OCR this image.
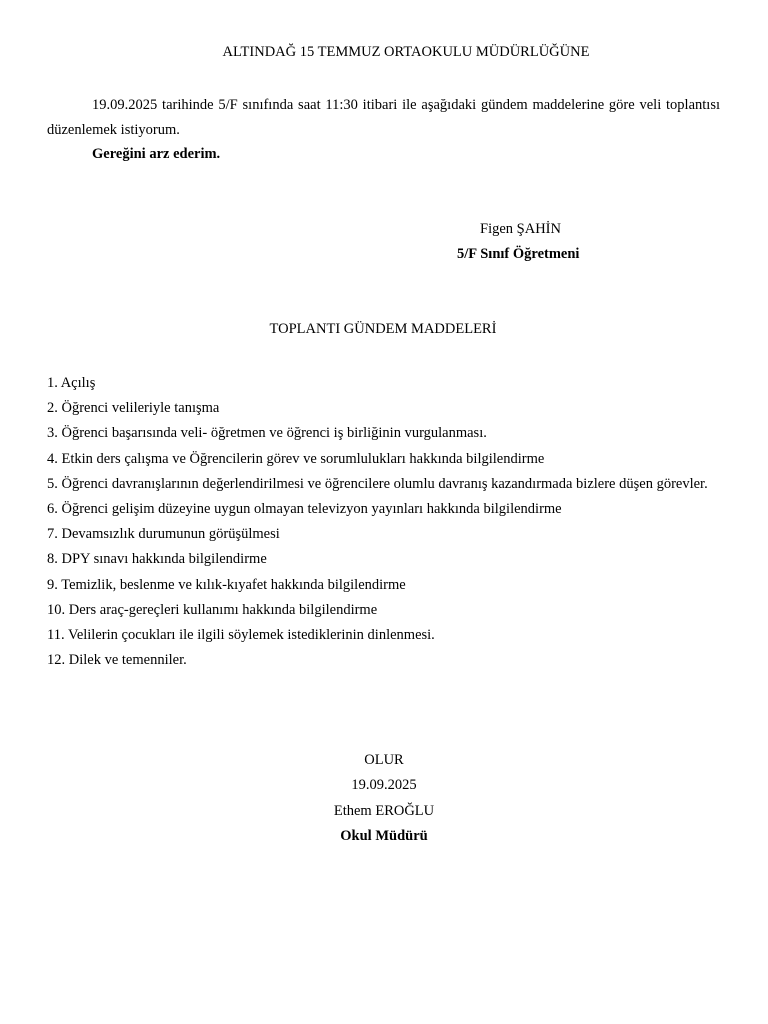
ALTINDAĞ 15 TEMMUZ ORTAOKULU MÜDÜRLÜĞÜNE
19.09.2025 tarihinde 5/F sınıfında saat 11:30 itibari ile aşağıdaki gündem maddelerine göre veli toplantısı düzenlemek istiyorum.
Gereğini arz ederim.
Figen ŞAHİN
5/F Sınıf Öğretmeni
TOPLANTI GÜNDEM MADDELERİ
1. Açılış
2. Öğrenci velileriyle tanışma
3. Öğrenci başarısında veli- öğretmen ve öğrenci iş birliğinin vurgulanması.
4. Etkin ders çalışma ve Öğrencilerin görev ve sorumlulukları hakkında bilgilendirme
5. Öğrenci davranışlarının değerlendirilmesi ve öğrencilere olumlu davranış kazandırmada bizlere düşen görevler.
6. Öğrenci gelişim düzeyine uygun olmayan televizyon yayınları hakkında bilgilendirme
7. Devamsızlık durumunun görüşülmesi
8. DPY sınavı hakkında bilgilendirme
9. Temizlik, beslenme ve kılık-kıyafet hakkında bilgilendirme
10. Ders araç-gereçleri kullanımı hakkında bilgilendirme
11. Velilerin çocukları ile ilgili söylemek istediklerinin dinlenmesi.
12. Dilek ve temenniler.
OLUR
19.09.2025
Ethem EROĞLU
Okul Müdürü
